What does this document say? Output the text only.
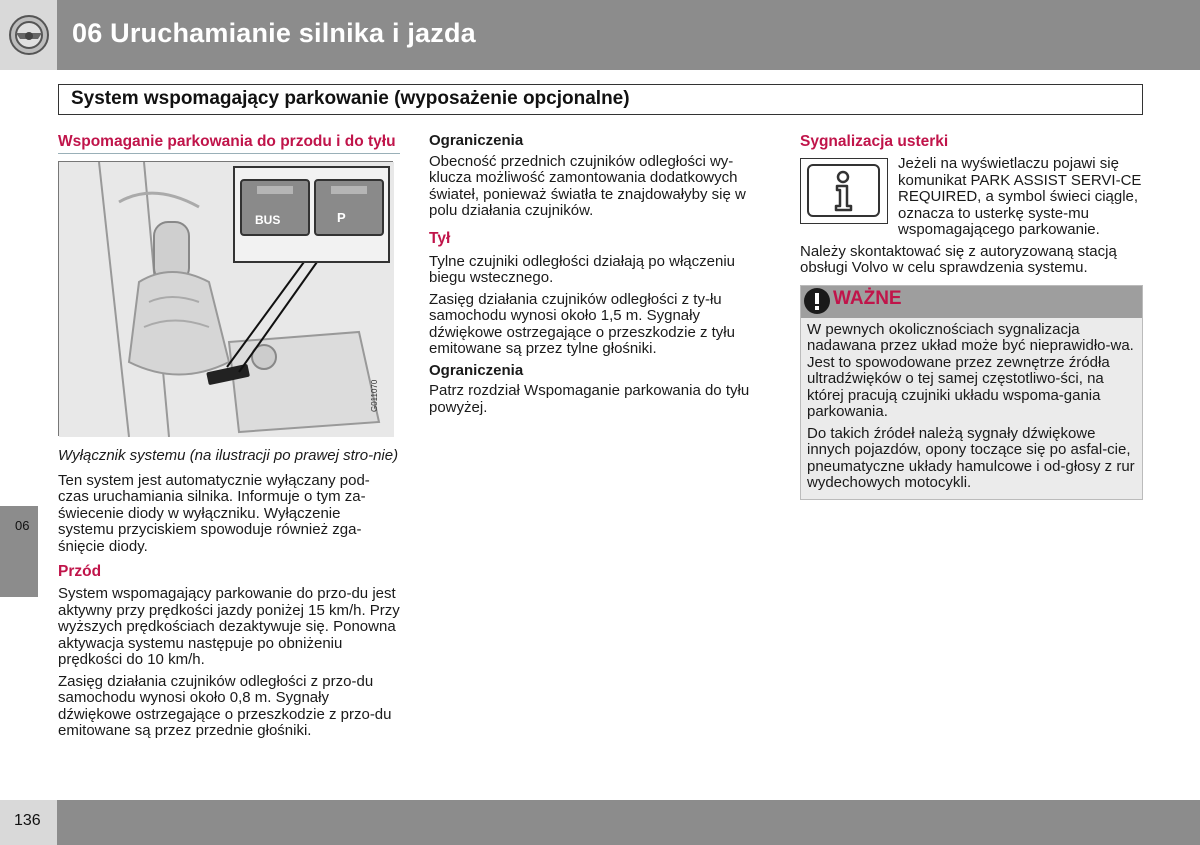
06 Uruchamianie silnika i jazda
System wspomagający parkowanie (wyposażenie opcjonalne)
06
136
Wspomaganie parkowania do przodu i do tyłu
BUS	P
G011070
Wyłącznik systemu (na ilustracji po prawej stro-nie)

Ten system jest automatycznie wyłączany pod-czas uruchamiania silnika. Informuje o tym za-świecenie diody w wyłączniku. Wyłączenie systemu przyciskiem spowoduje również zga-śnięcie diody.

Przód

System wspomagający parkowanie do przo-du jest aktywny przy prędkości jazdy poniżej 15 km/h. Przy wyższych prędkościach dezaktywuje się. Ponowna aktywacja systemu następuje po obniżeniu prędkości do 10 km/h.

Zasięg działania czujników odległości z przo-du samochodu wynosi około 0,8 m. Sygnały dźwiękowe ostrzegające o przeszkodzie z przo-du emitowane są przez przednie głośniki.

Ograniczenia

Obecność przednich czujników odległości wy-klucza możliwość zamontowania dodatkowych świateł, ponieważ światła te znajdowałyby się w polu działania czujników.

Tył

Tylne czujniki odległości działają po włączeniu biegu wstecznego.

Zasięg działania czujników odległości z ty-łu samochodu wynosi około 1,5 m. Sygnały dźwiękowe ostrzegające o przeszkodzie z tyłu emitowane są przez tylne głośniki.

Ograniczenia

Patrz rozdział Wspomaganie parkowania do tyłu powyżej.

Sygnalizacja usterki

Jeżeli na wyświetlaczu pojawi się komunikat PARK ASSIST SERVI-CE REQUIRED, a symbol świeci ciągle, oznacza to usterkę syste-mu wspomagającego parkowanie.

Należy skontaktować się z autoryzowaną stacją obsługi Volvo w celu sprawdzenia systemu.

WAŻNE

W pewnych okolicznościach sygnalizacja nadawana przez układ może być nieprawidło-wa. Jest to spowodowane przez zewnętrze źródła ultradźwięków o tej samej częstotliwo-ści, na której pracują czujniki układu wspoma-gania parkowania.

Do takich źródeł należą sygnały dźwiękowe innych pojazdów, opony toczące się po asfal-cie, pneumatyczne układy hamulcowe i od-głosy z rur wydechowych motocykli.
